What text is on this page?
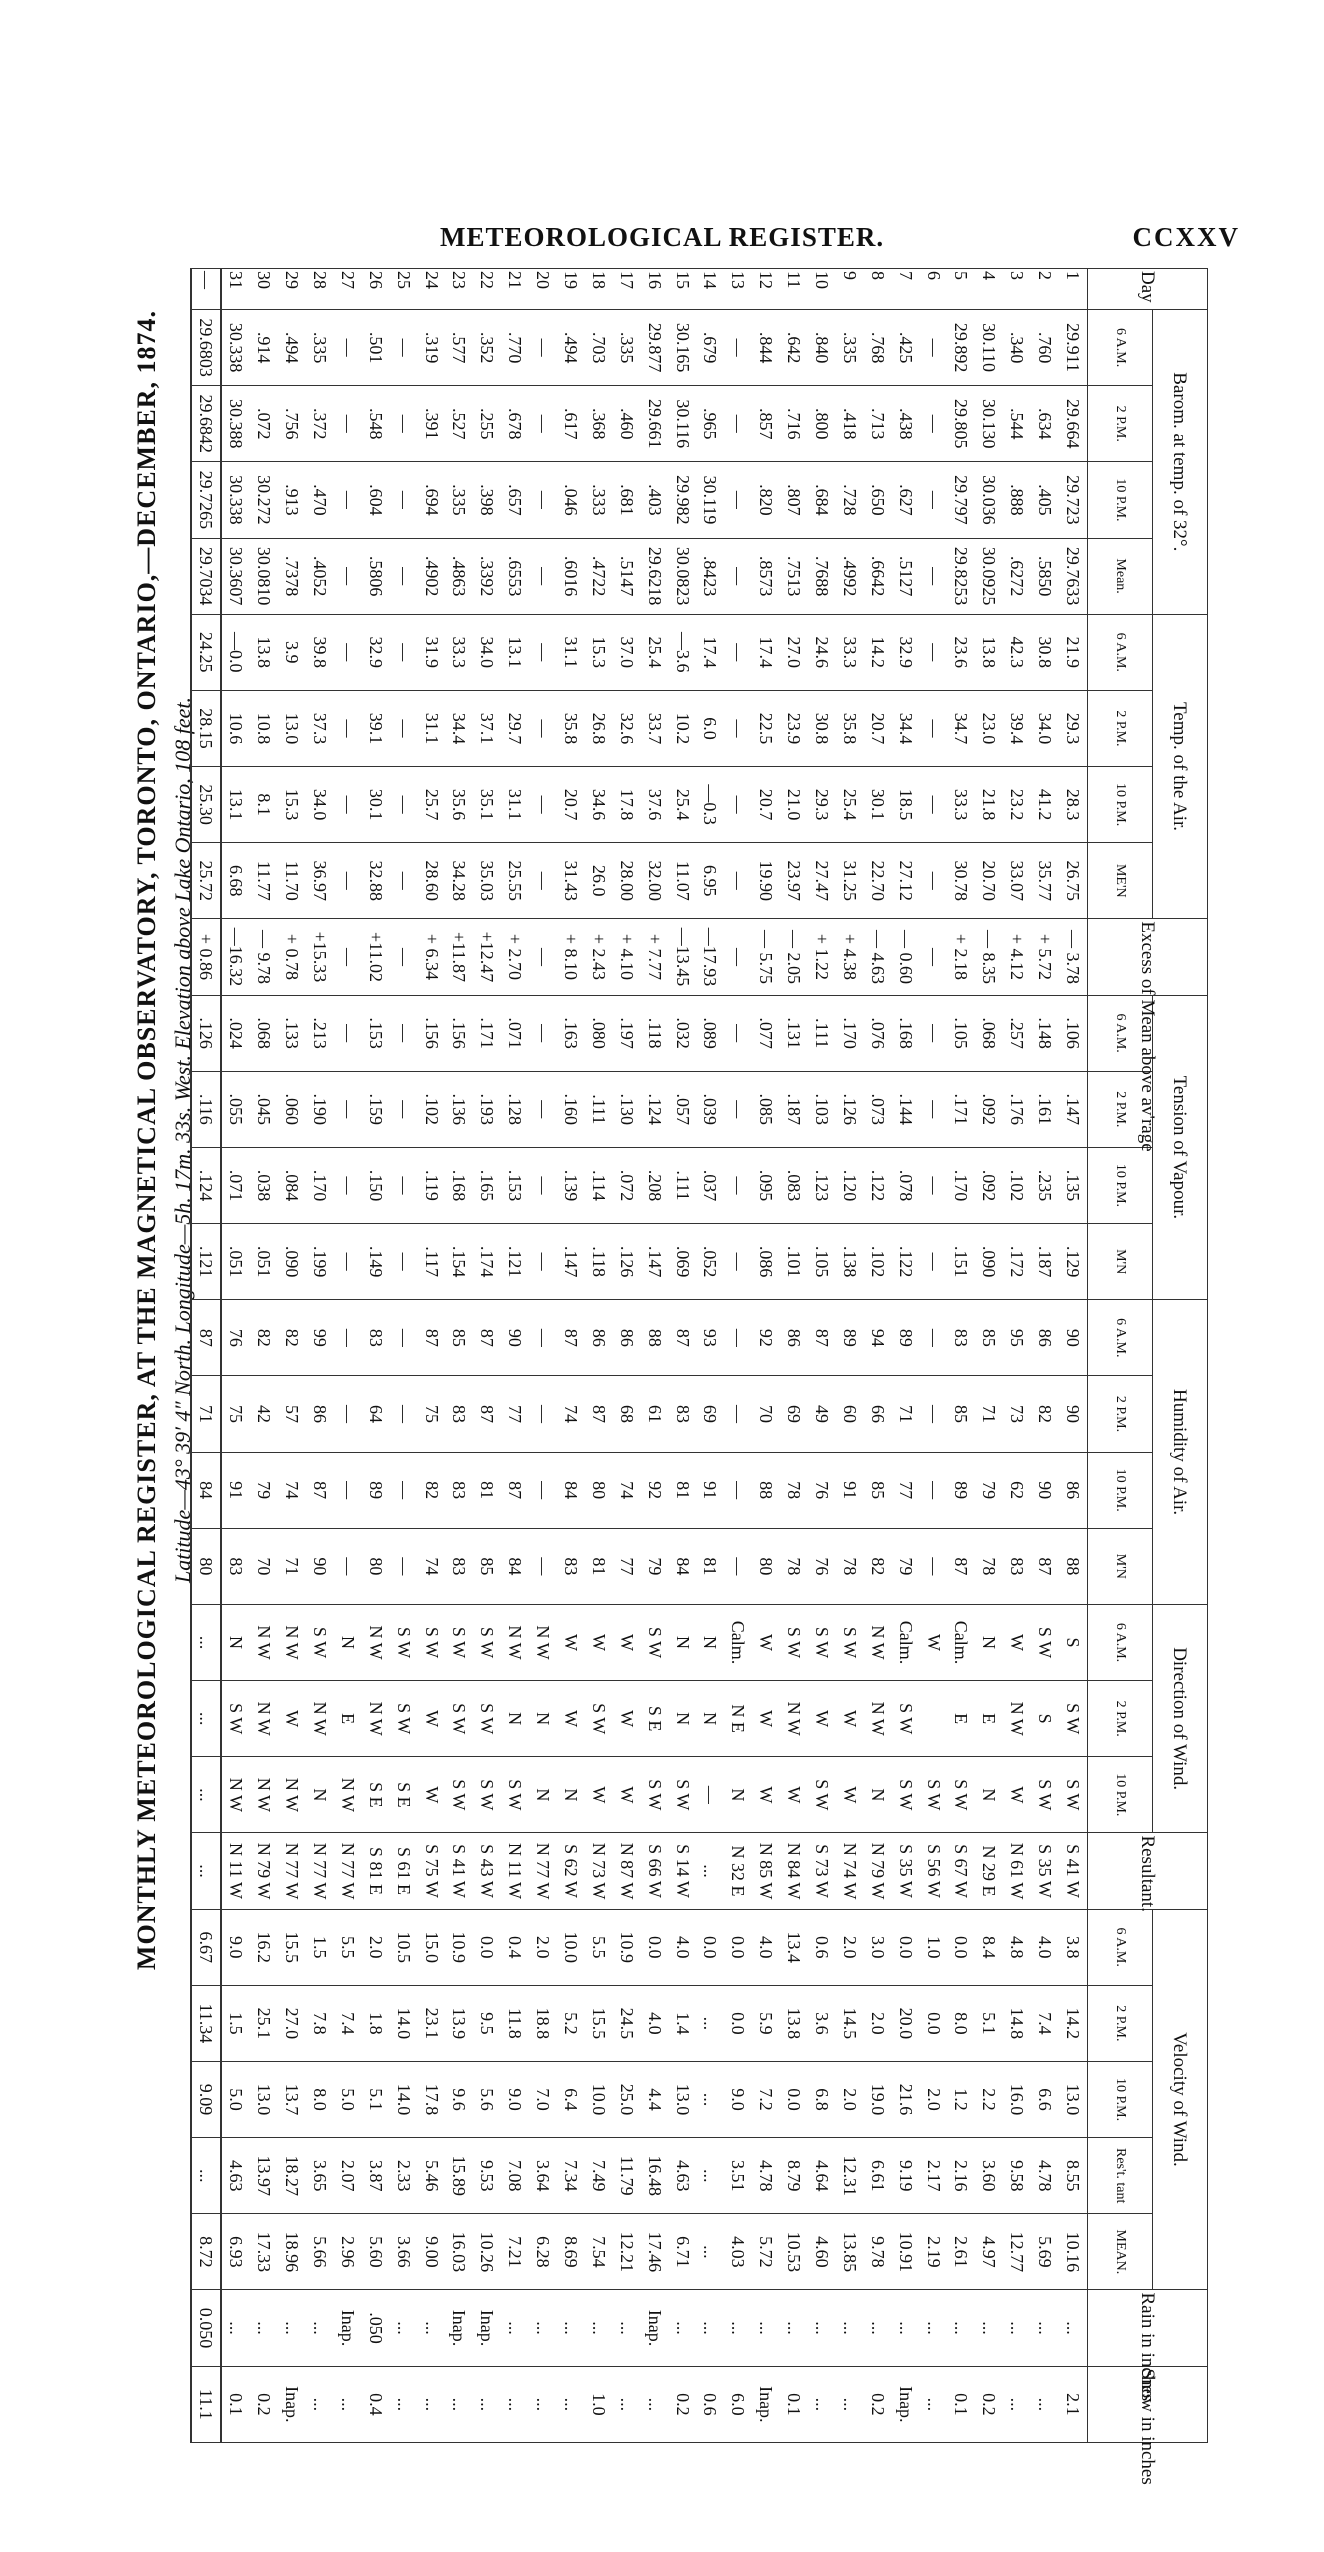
METEOROLOGICAL REGISTER.	CCXXV
MONTHLY METEOROLOGICAL REGISTER, AT THE MAGNETICAL OBSERVATORY, TORONTO, ONTARIO,—DECEMBER, 1874. Latitude—43° 39′ 4″ North. Longitude—5h. 17m. 33s. West. Elevation above Lake Ontario, 108 feet.
Day	Barom. at temp. of 32°.				Temp. of the Air.				Excess of Mean above av'rage	Tension of Vapour.				Humidity of Air.				Direction of Wind.			Resultant.	Velocity of Wind.					Rain in inches	Snow in inches
	6 A.M.	2 P.M.	10 P.M.	Mean.	6 A.M.	2 P.M.	10 P.M.	ME'N		6 A.M.	2 P.M.	10 P.M.	M'N	6 A.M.	2 P.M.	10 P.M.	M'N	6 A.M.	2 P.M.	10 P.M.		6 A.M.	2 P.M.	10 P.M.	Res't. tant	MEAN.		
1	29.911	29.664	29.723	29.7633	21.9	29.3	28.3	26.75	— 3.78	.106	.147	.135	.129	90	90	86	88	S	S W	S W	S 41 W	3.8	14.2	13.0	8.55	10.16	...	2.1
2	.760	.634	.405	.5850	30.8	34.0	41.2	35.77	+ 5.72	.148	.161	.235	.187	86	82	90	87	S W	S	S W	S 35 W	4.0	7.4	6.6	4.78	5.69	...	...
3	.340	.544	.888	.6272	42.3	39.4	23.2	33.07	+ 4.12	.257	.176	.102	.172	95	73	62	83	W	N W	W	N 61 W	4.8	14.8	16.0	9.58	12.77	...	...
4	30.110	30.130	30.036	30.0925	13.8	23.0	21.8	20.70	— 8.35	.068	.092	.092	.090	85	71	79	78	N	E	N	N 29 E	8.4	5.1	2.2	3.60	4.97	...	0.2
5	29.892	29.805	29.797	29.8253	23.6	34.7	33.3	30.78	+ 2.18	.105	.171	.170	.151	83	85	89	87	Calm.	E	S W	S 67 W	0.0	8.0	1.2	2.16	2.61	...	0.1
6	—	—	—	—	—	—	—	—	—	—	—	—	—	—	—	—	—	W		S W	S 56 W	1.0	0.0	2.0	2.17	2.19	...	...
7	.425	.438	.627	.5127	32.9	34.4	18.5	27.12	— 0.60	.168	.144	.078	.122	89	71	77	79	Calm.	S W	S W	S 35 W	0.0	20.0	21.6	9.19	10.91	...	Inap.
8	.768	.713	.650	.6642	14.2	20.7	30.1	22.70	— 4.63	.076	.073	.122	.102	94	66	85	82	N W	N W	N	N 79 W	3.0	2.0	19.0	6.61	9.78	...	0.2
9	.335	.418	.728	.4992	33.3	35.8	25.4	31.25	+ 4.38	.170	.126	.120	.138	89	60	91	78	S W	W	W	N 74 W	2.0	14.5	2.0	12.31	13.85	...	...
10	.840	.800	.684	.7688	24.6	30.8	29.3	27.47	+ 1.22	.111	.103	.123	.105	87	49	76	76	S W	W	S W	S 73 W	0.6	3.6	6.8	4.64	4.60	...	...
11	.642	.716	.807	.7513	27.0	23.9	21.0	23.97	— 2.05	.131	.187	.083	.101	86	69	78	78	S W	N W	W	N 84 W	13.4	13.8	0.0	8.79	10.53	...	0.1
12	.844	.857	.820	.8573	17.4	22.5	20.7	19.90	— 5.75	.077	.085	.095	.086	92	70	88	80	W	W	W	N 85 W	4.0	5.9	7.2	4.78	5.72	...	Inap.
13	—	—	—	—	—	—	—	—	—	—	—	—	—	—	—	—	—	Calm.	N E	N	N 32 E	0.0	0.0	9.0	3.51	4.03	...	6.0
14	.679	.965	30.119	.8423	17.4	6.0	—0.3	6.95	—17.93	.089	.039	.037	.052	93	69	91	81	N	N	—	...	0.0	...	...	...	...	...	0.6
15	30.165	30.116	29.982	30.0823	—3.6	10.2	25.4	11.07	—13.45	.032	.057	.111	.069	87	83	81	84	N	N	S W	S 14 W	4.0	1.4	13.0	4.63	6.71	...	0.2
16	29.877	29.661	.403	29.6218	25.4	33.7	37.6	32.00	+ 7.77	.118	.124	.208	.147	88	61	92	79	S W	S E	S W	S 66 W	0.0	4.0	4.4	16.48	17.46	Inap.	...
17	.335	.460	.681	.5147	37.0	32.6	17.8	28.00	+ 4.10	.197	.130	.072	.126	86	68	74	77	W	W	W	N 87 W	10.9	24.5	25.0	11.79	12.21	...	...
18	.703	.368	.333	.4722	15.3	26.8	34.6	26.0	+ 2.43	.080	.111	.114	.118	86	87	80	81	W	S W	W	N 73 W	5.5	15.5	10.0	7.49	7.54	...	1.0
19	.494	.617	.046	.6016	31.1	35.8	20.7	31.43	+ 8.10	.163	.160	.139	.147	87	74	84	83	W	W	N	S 62 W	10.0	5.2	6.4	7.34	8.69	...	...
20	—	—	—	—	—	—	—	—	—	—	—	—	—	—	—	—	—	N W	N	N	N 77 W	2.0	18.8	7.0	3.64	6.28	...	...
21	.770	.678	.657	.6553	13.1	29.7	31.1	25.55	+ 2.70	.071	.128	.153	.121	90	77	87	84	N W	N	S W	N 11 W	0.4	11.8	9.0	7.08	7.21	...	...
22	.352	.255	.398	.3392	34.0	37.1	35.1	35.03	+12.47	.171	.193	.165	.174	87	87	81	85	S W	S W	S W	S 43 W	0.0	9.5	5.6	9.53	10.26	Inap.	...
23	.577	.527	.335	.4863	33.3	34.4	35.6	34.28	+11.87	.156	.136	.168	.154	85	83	83	83	S W	S W	S W	S 41 W	10.9	13.9	9.6	15.89	16.03	Inap.	...
24	.319	.391	.694	.4902	31.9	31.1	25.7	28.60	+ 6.34	.156	.102	.119	.117	87	75	82	74	S W	W	W	S 75 W	15.0	23.1	17.8	5.46	9.00	...	...
25	—	—	—	—	—	—	—	—	—	—	—	—	—	—	—	—	—	S W	S W	S E	S 61 E	10.5	14.0	14.0	2.33	3.66	...	...
26	.501	.548	.604	.5806	32.9	39.1	30.1	32.88	+11.02	.153	.159	.150	.149	83	64	89	80	N W	N W	S E	S 81 E	2.0	1.8	5.1	3.87	5.60	.050	0.4
27	—	—	—	—	—	—	—	—	—	—	—	—	—	—	—	—	—	N	E	N W	N 77 W	5.5	7.4	5.0	2.07	2.96	Inap.	...
28	.335	.372	.470	.4052	39.8	37.3	34.0	36.97	+15.33	.213	.190	.170	.199	99	86	87	90	S W	N W	N	N 77 W	1.5	7.8	8.0	3.65	5.66	...	...
29	.494	.756	.913	.7378	3.9	13.0	15.3	11.70	+ 0.78	.133	.060	.084	.090	82	57	74	71	N W	W	N W	N 77 W	15.5	27.0	13.7	18.27	18.96	...	Inap.
30	.914	.072	30.272	30.0810	13.8	10.8	8.1	11.77	— 9.78	.068	.045	.038	.051	82	42	79	70	N W	N W	N W	N 79 W	16.2	25.1	13.0	13.97	17.33	...	0.2
31	30.338	30.388	30.338	30.3607	—0.0	10.6	13.1	6.68	—16.32	.024	.055	.071	.051	76	75	91	83	N	S W	N W	N 11 W	9.0	1.5	5.0	4.63	6.93	...	0.1
—	29.6803	29.6842	29.7265	29.7034	24.25	28.15	25.30	25.72	+ 0.86	.126	.116	.124	.121	87	71	84	80	...	...	...	...	6.67	11.34	9.09	...	8.72	0.050	11.1
